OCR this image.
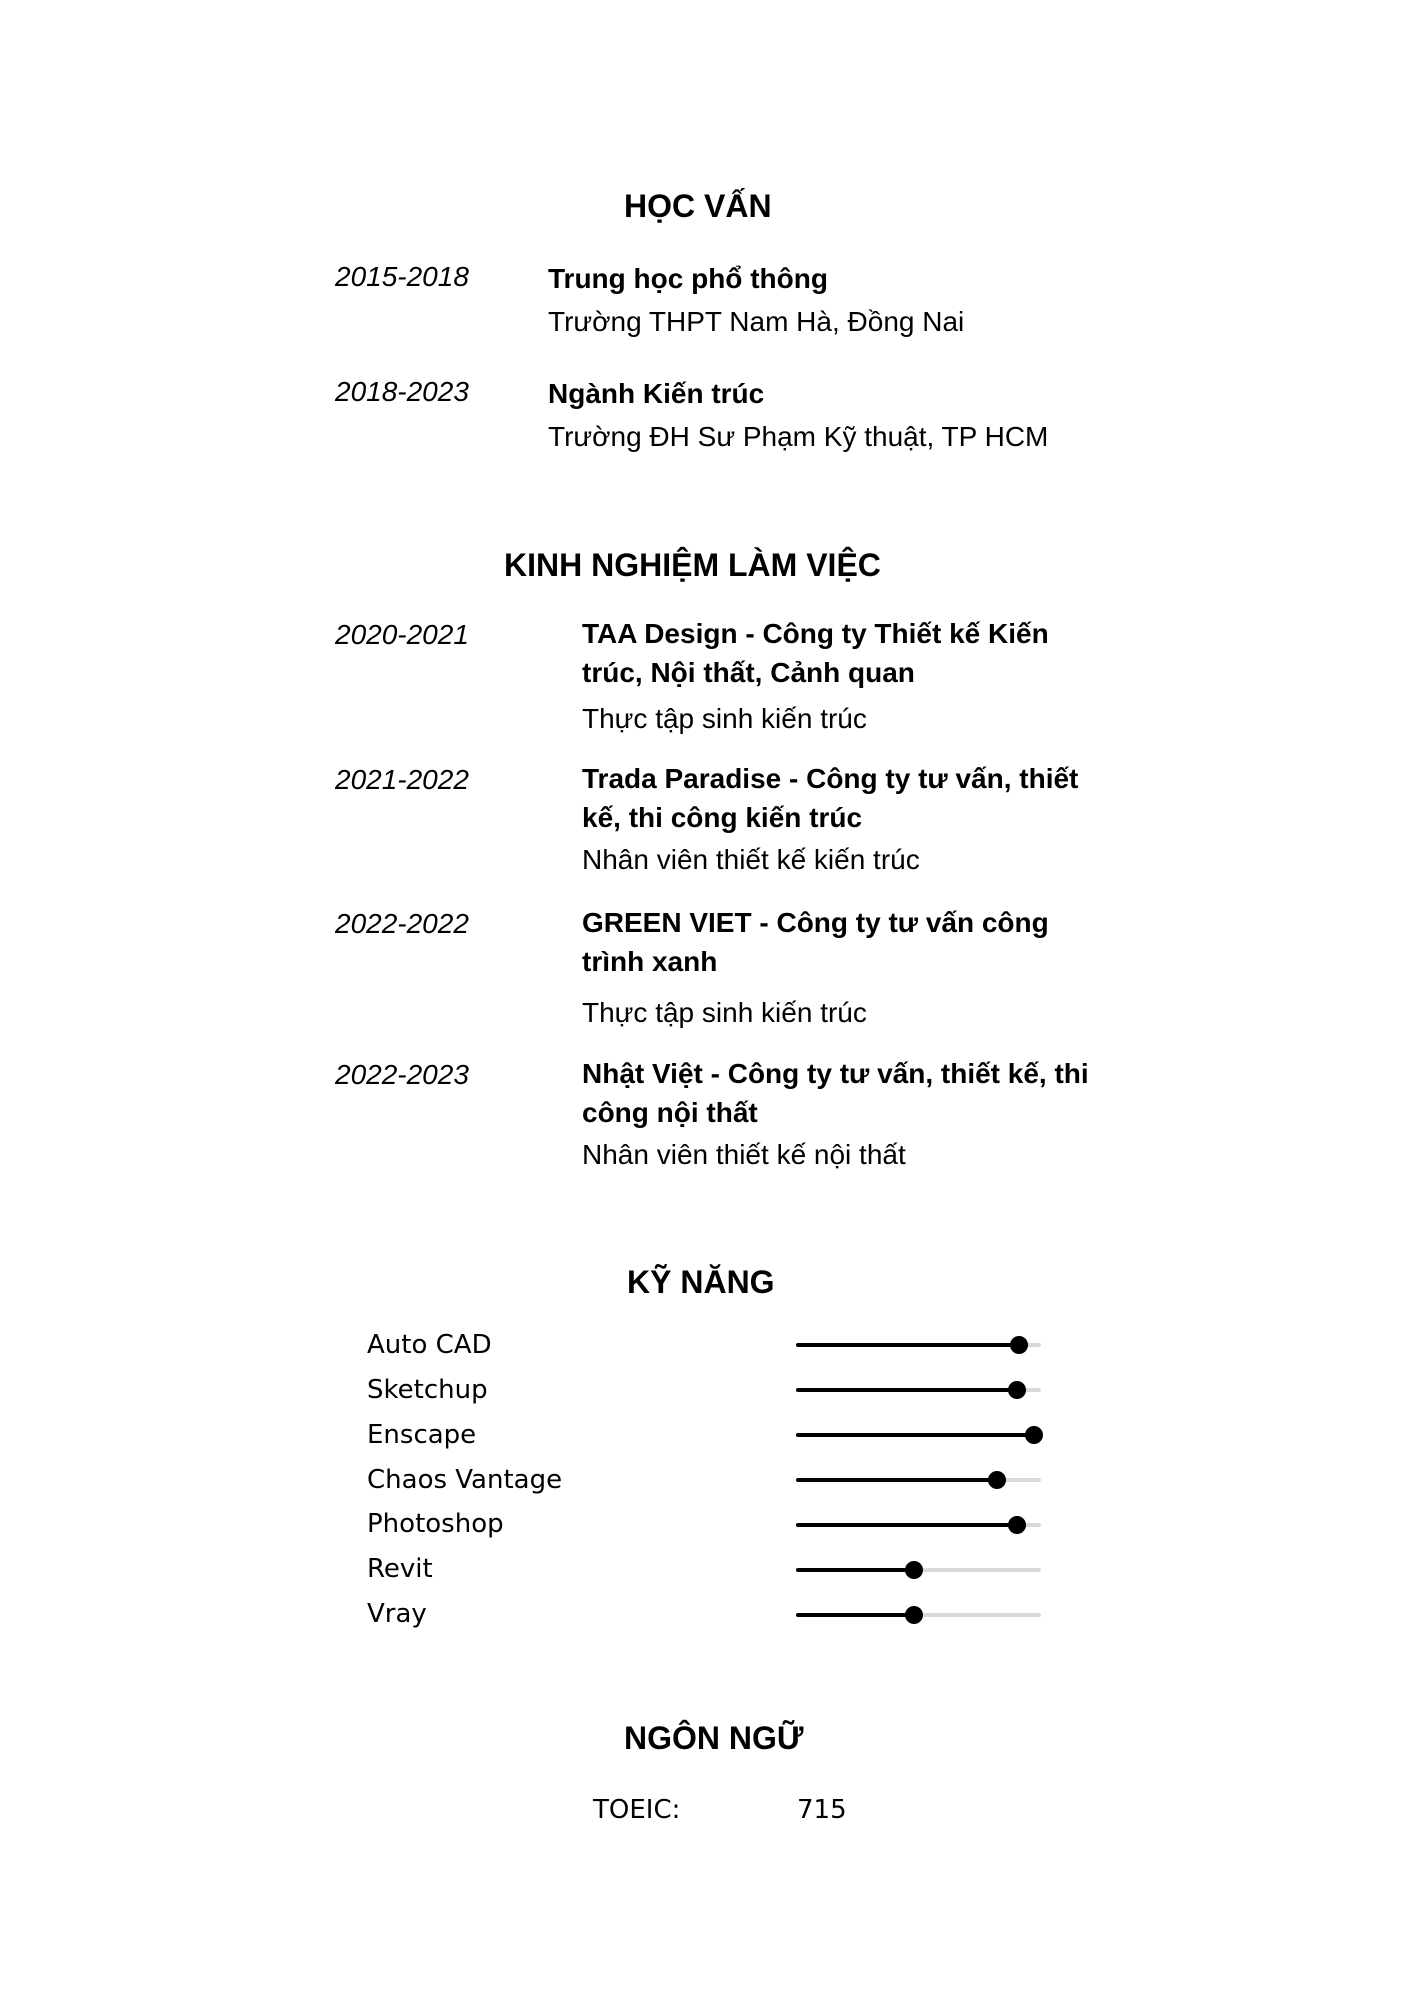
HỌC VẤN
2015-2018	Trung học phổ thông
Trường THPT Nam Hà, Đồng Nai
2018-2023	Ngành Kiến trúc
Trường ĐH Sư Phạm Kỹ thuật, TP HCM
KINH NGHIỆM LÀM VIỆC
2020-2021	TAA Design - Công ty Thiết kế Kiến trúc, Nội thất, Cảnh quan
Thực tập sinh kiến trúc
2021-2022	Trada Paradise - Công ty tư vấn, thiết kế, thi công kiến trúc
Nhân viên thiết kế kiến trúc
2022-2022	GREEN VIET - Công ty tư vấn công trình xanh
Thực tập sinh kiến trúc
2022-2023	Nhật Việt - Công ty tư vấn, thiết kế, thi công nội thất
Nhân viên thiết kế nội thất
KỸ NĂNG
Auto CAD
Sketchup
Enscape
Chaos Vantage
Photoshop
Revit
Vray
NGÔN NGỮ
TOEIC:	715
